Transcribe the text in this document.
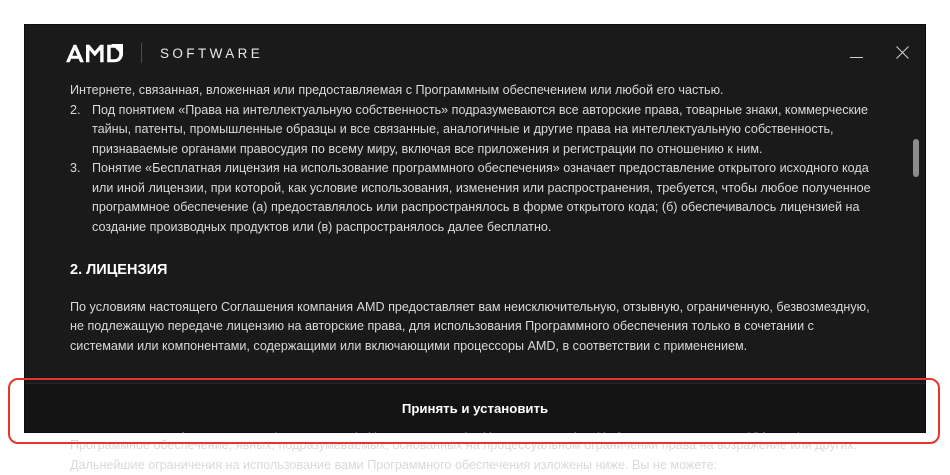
SOFTWARE
Интернете, связанная, вложенная или предоставляемая с Программным обеспечением или любой его частью.
2. Под понятием «Права на интеллектуальную собственность» подразумеваются все авторские права, товарные знаки, коммерческие тайны, патенты, промышленные образцы и все связанные, аналогичные и другие права на интеллектуальную собственность, признаваемые органами правосудия по всему миру, включая все приложения и регистрации по отношению к ним.
3. Понятие «Бесплатная лицензия на использование программного обеспечения» означает предоставление открытого исходного кода или иной лицензии, при которой, как условие использования, изменения или распространения, требуется, чтобы любое полученное программное обеспечение (а) предоставлялось или распространялось в форме открытого кода; (б) обеспечивалось лицензией на создание производных продуктов или (в) распространялось далее бесплатно.
2. ЛИЦЕНЗИЯ
По условиям настоящего Соглашения компания AMD предоставляет вам неисключительную, отзывную, ограниченную, безвозмездную, не подлежащую передаче лицензию на авторские права, для использования Программного обеспечения только в сочетании с системами или компонентами, содержащими или включающими процессоры AMD, в соответствии с применением.
Программное обеспечение, явных, подразумеваемых, основанных на процессуальном ограничении права на возражение или других. Дальнейшие ограничения на использование вами Программного обеспечения изложены ниже. Вы не можете:
Принять и установить
